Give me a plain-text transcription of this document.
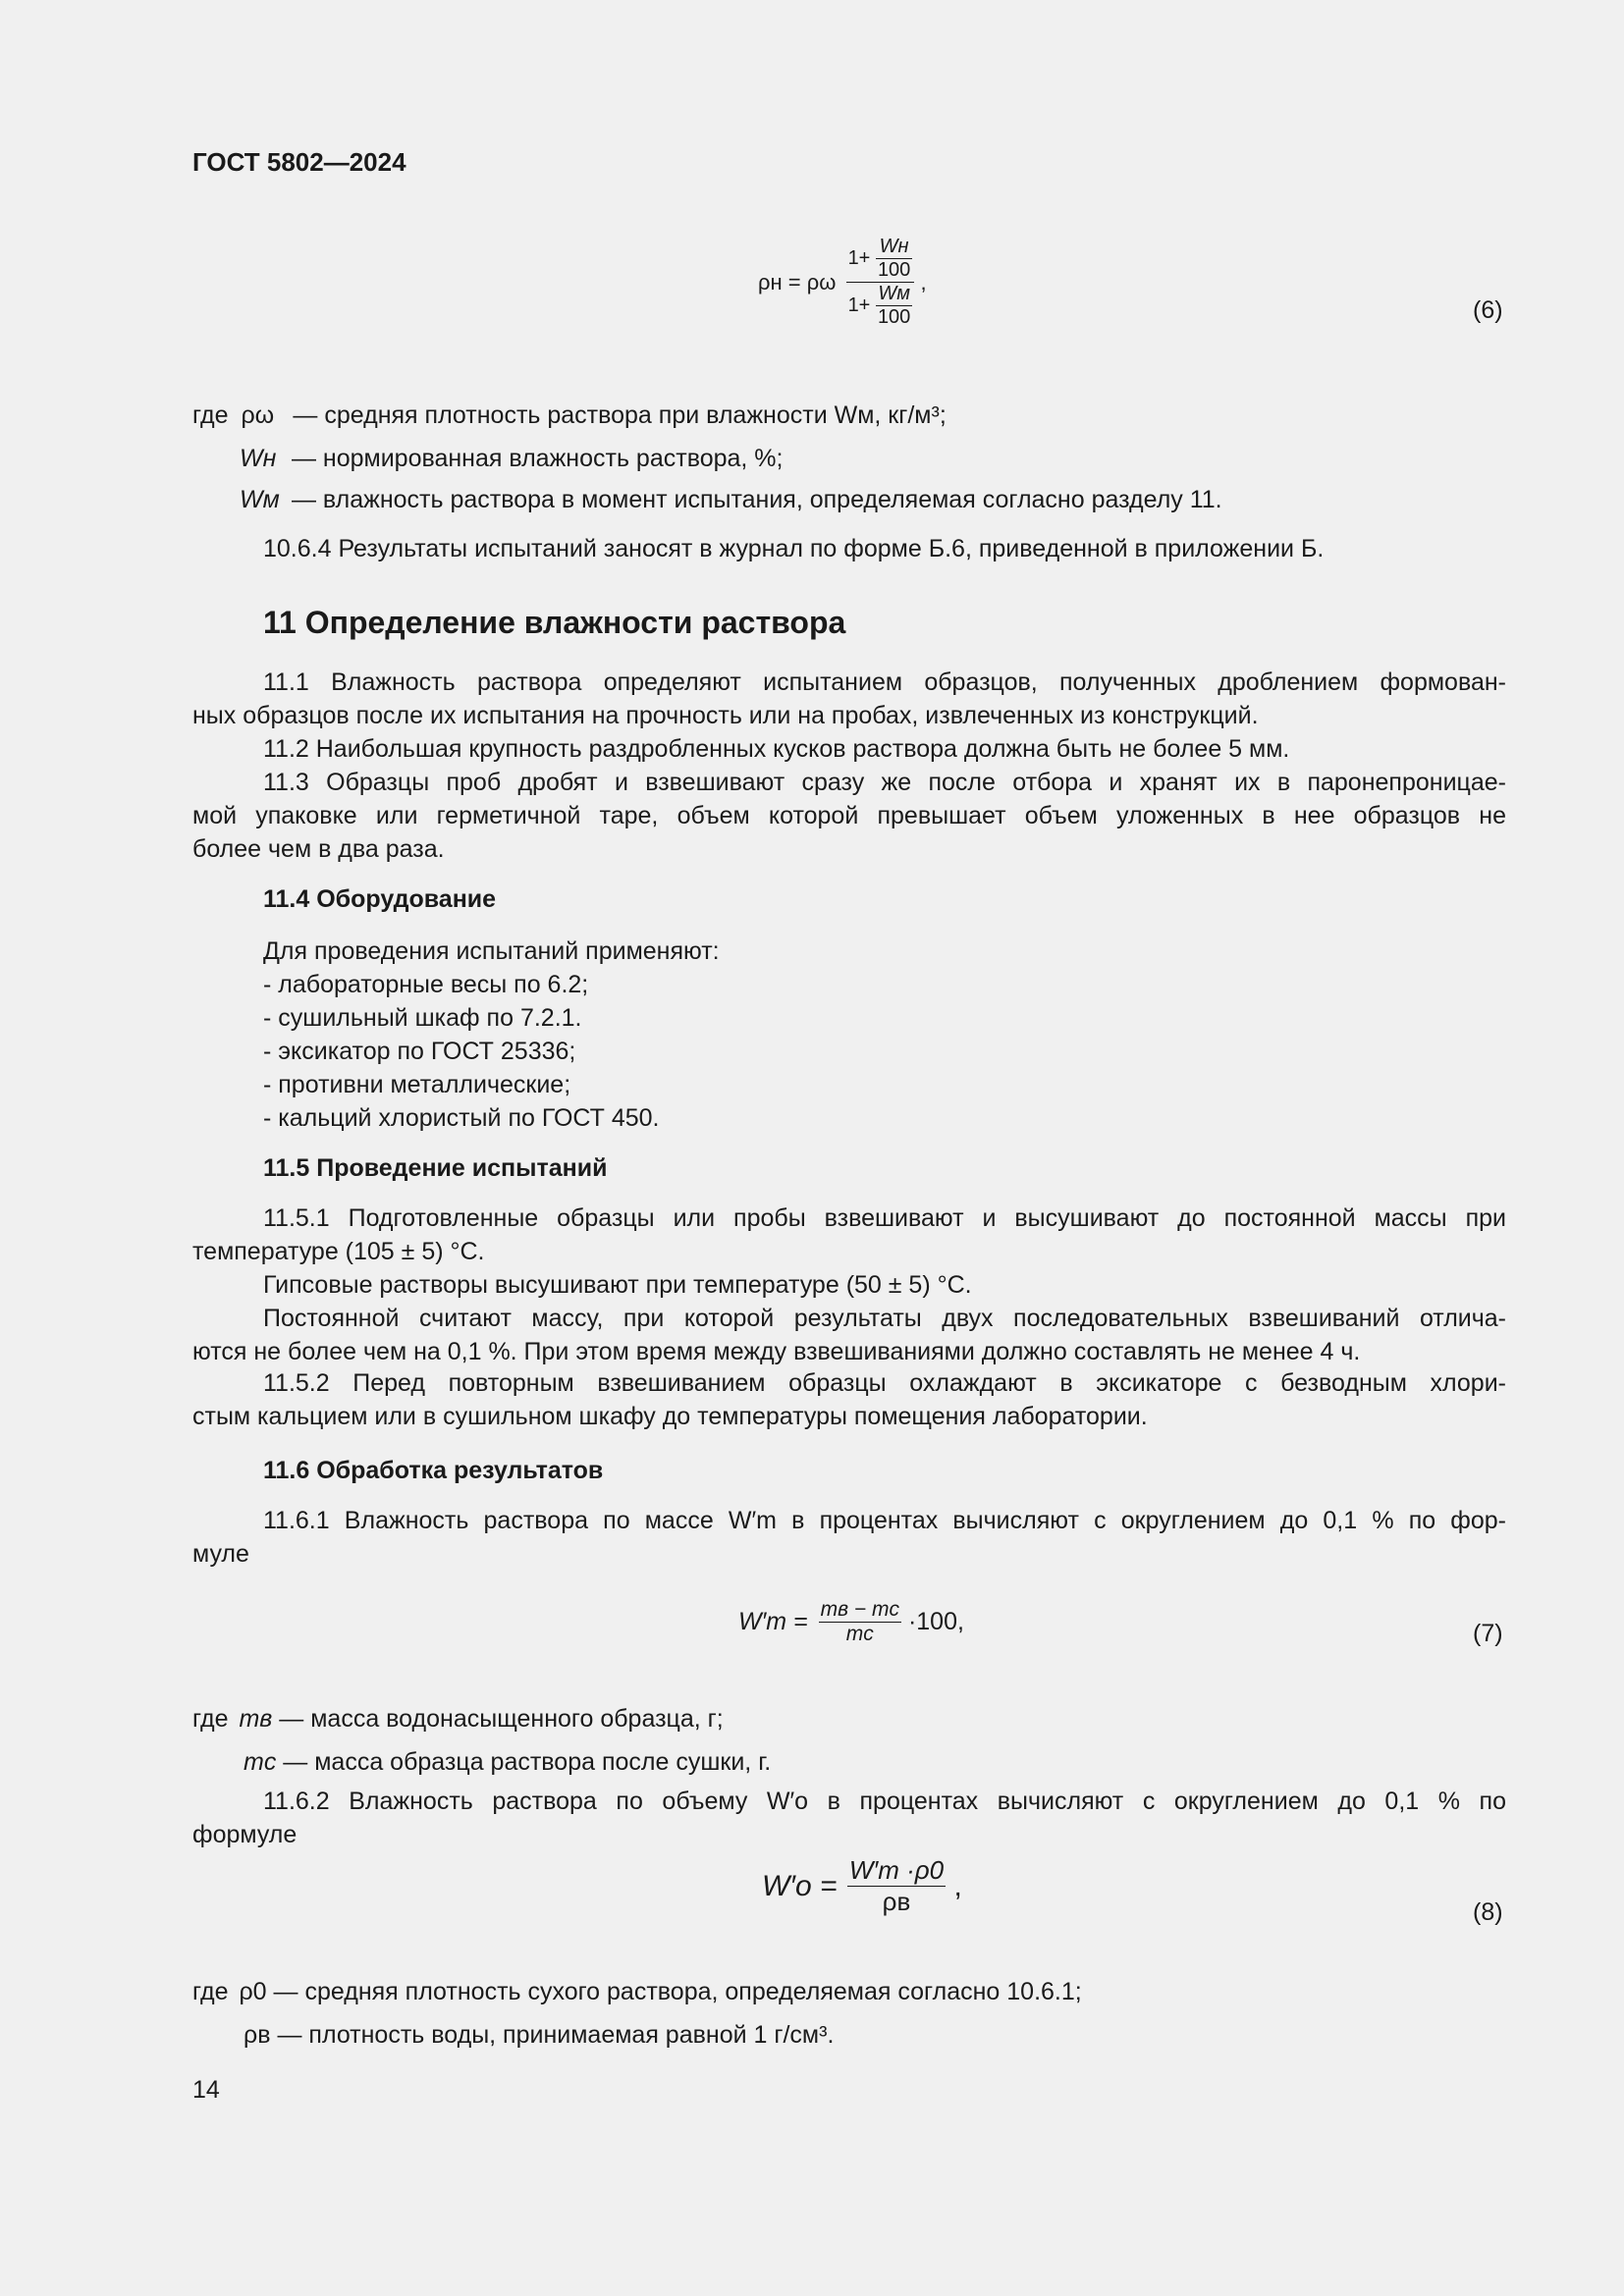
ГОСТ 5802—2024
ρн = ρω $\frac{1+ \frac{Wн}{100}}{1+ \frac{Wм}{100}}$ ,
(6)
где ρω — средняя плотность раствора при влажности Wм, кг/м³;
Wн — нормированная влажность раствора, %;
Wм — влажность раствора в момент испытания, определяемая согласно разделу 11.
10.6.4 Результаты испытаний заносят в журнал по форме Б.6, приведенной в приложении Б.
11 Определение влажности раствора
11.1 Влажность раствора определяют испытанием образцов, полученных дроблением формован-
ных образцов после их испытания на прочность или на пробах, извлеченных из конструкций.
11.2 Наибольшая крупность раздробленных кусков раствора должна быть не более 5 мм.
11.3 Образцы проб дробят и взвешивают сразу же после отбора и хранят их в паронепроницае-
мой упаковке или герметичной таре, объем которой превышает объем уложенных в нее образцов не
более чем в два раза.
11.4 Оборудование
Для проведения испытаний применяют:
- лабораторные весы по 6.2;
- сушильный шкаф по 7.2.1.
- эксикатор по ГОСТ 25336;
- противни металлические;
- кальций хлористый по ГОСТ 450.
11.5 Проведение испытаний
11.5.1 Подготовленные образцы или пробы взвешивают и высушивают до постоянной массы при
температуре (105 ± 5) °С.
Гипсовые растворы высушивают при температуре (50 ± 5) °С.
Постоянной считают массу, при которой результаты двух последовательных взвешиваний отлича-
ются не более чем на 0,1 %. При этом время между взвешиваниями должно составлять не менее 4 ч.
11.5.2 Перед повторным взвешиванием образцы охлаждают в эксикаторе с безводным хлори-
стым кальцием или в сушильном шкафу до температуры помещения лаборатории.
11.6 Обработка результатов
11.6.1 Влажность раствора по массе W′m в процентах вычисляют с округлением до 0,1 % по фор-
муле
$W'm = \frac{mв - mс}{mс} \cdot 100$,	(7)
где mв — масса водонасыщенного образца, г;
mс — масса образца раствора после сушки, г.
11.6.2 Влажность раствора по объему W′о в процентах вычисляют с округлением до 0,1 % по
формуле
$W'о = \frac{W'm \cdot\rho 0}{\rho в}$ ,
(8)
где ρ0 — средняя плотность сухого раствора, определяемая согласно 10.6.1;
ρв — плотность воды, принимаемая равной 1 г/см³.
14
